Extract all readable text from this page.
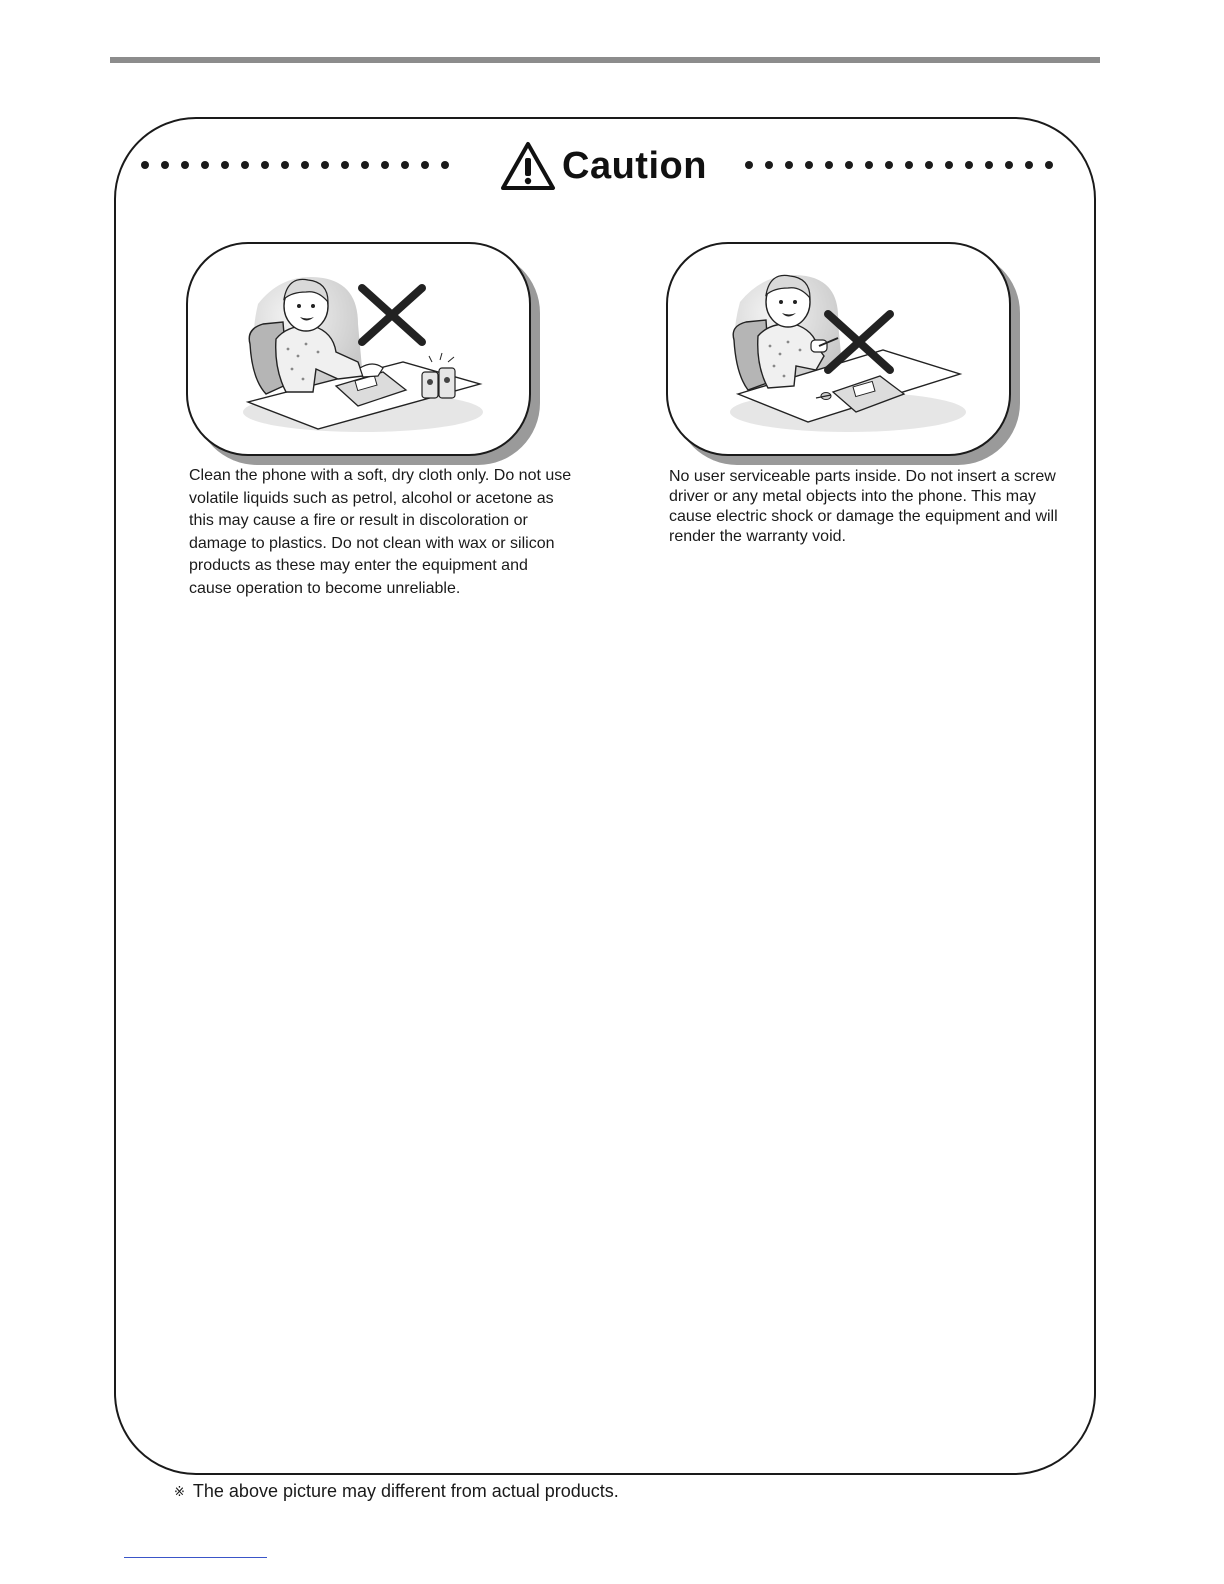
Caution
Clean the phone with a soft, dry cloth only. Do not use volatile liquids such as petrol, alcohol or acetone as this may cause a fire or result in discoloration or damage to plastics. Do not clean with wax or silicon products as these may enter the equipment and cause operation to become unreliable.
No user serviceable parts inside. Do not insert a screw driver or any metal objects into the phone. This may cause electric shock or damage the equipment and will render the warranty void.
※ The above picture may different from actual products.
